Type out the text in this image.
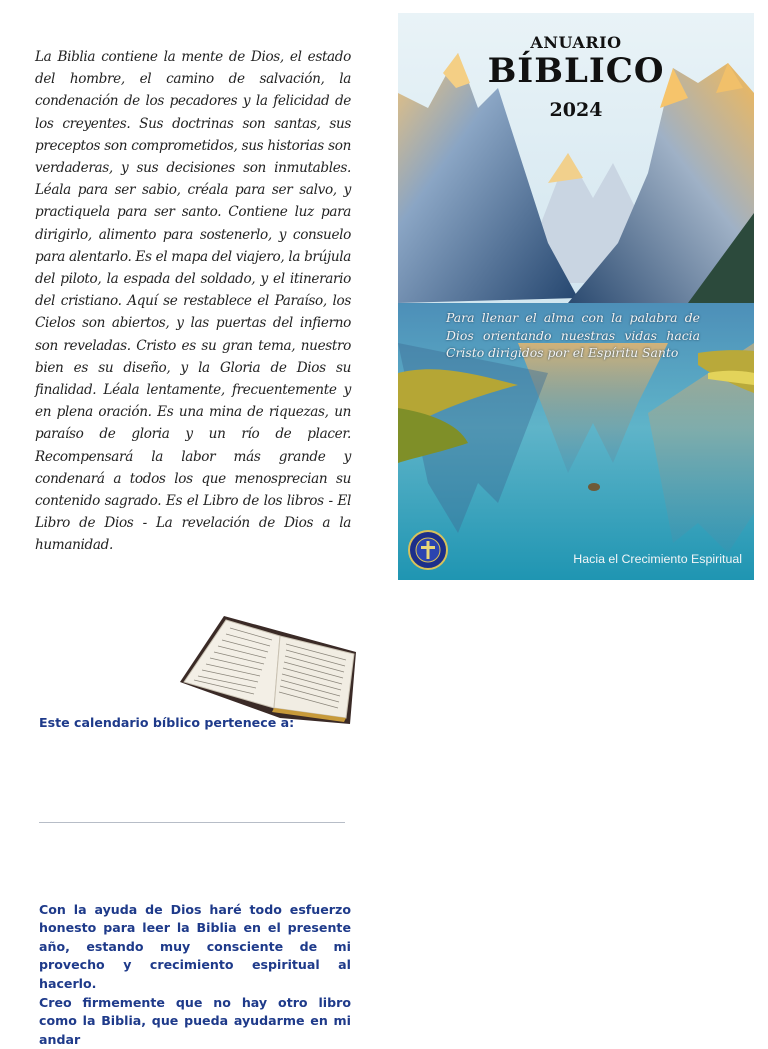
La Biblia contiene la mente de Dios, el estado del hombre, el camino de salvación, la condenación de los pecadores y la felicidad de los creyentes. Sus doctrinas son santas, sus preceptos son comprometidos, sus historias son verdaderas, y sus decisiones son inmutables. Léala para ser sabio, créala para ser salvo, y practiquela para ser santo. Contiene luz para dirigirlo, alimento para sostenerlo, y consuelo para alentarlo. Es el mapa del viajero, la brújula del piloto, la espada del soldado, y el itinerario del cristiano. Aquí se restablece el Paraíso, los Cielos son abiertos, y las puertas del infierno son reveladas. Cristo es su gran tema, nuestro bien es su diseño, y la Gloria de Dios su finalidad. Léala lentamente, frecuentemente y en plena oración. Es una mina de riquezas, un paraíso de gloria y un río de placer. Recompensará la labor más grande y condenará a todos los que menosprecian su contenido sagrado. Es el Libro de los libros - El Libro de Dios - La revelación de Dios a la humanidad.
ANUARIO
BÍBLICO
2024
Para llenar el alma con la palabra de Dios orientando nuestras vidas hacia Cristo dirigidos por el Espíritu Santo
Hacia el Crecimiento Espiritual
Este calendario bíblico pertenece a:
Con la ayuda de Dios haré todo esfuerzo honesto para leer la Biblia en el presente año, estando muy consciente de mi provecho y crecimiento espiritual al hacerlo.
Creo firmemente que no hay otro libro como la Biblia, que pueda ayudarme en mi andar
